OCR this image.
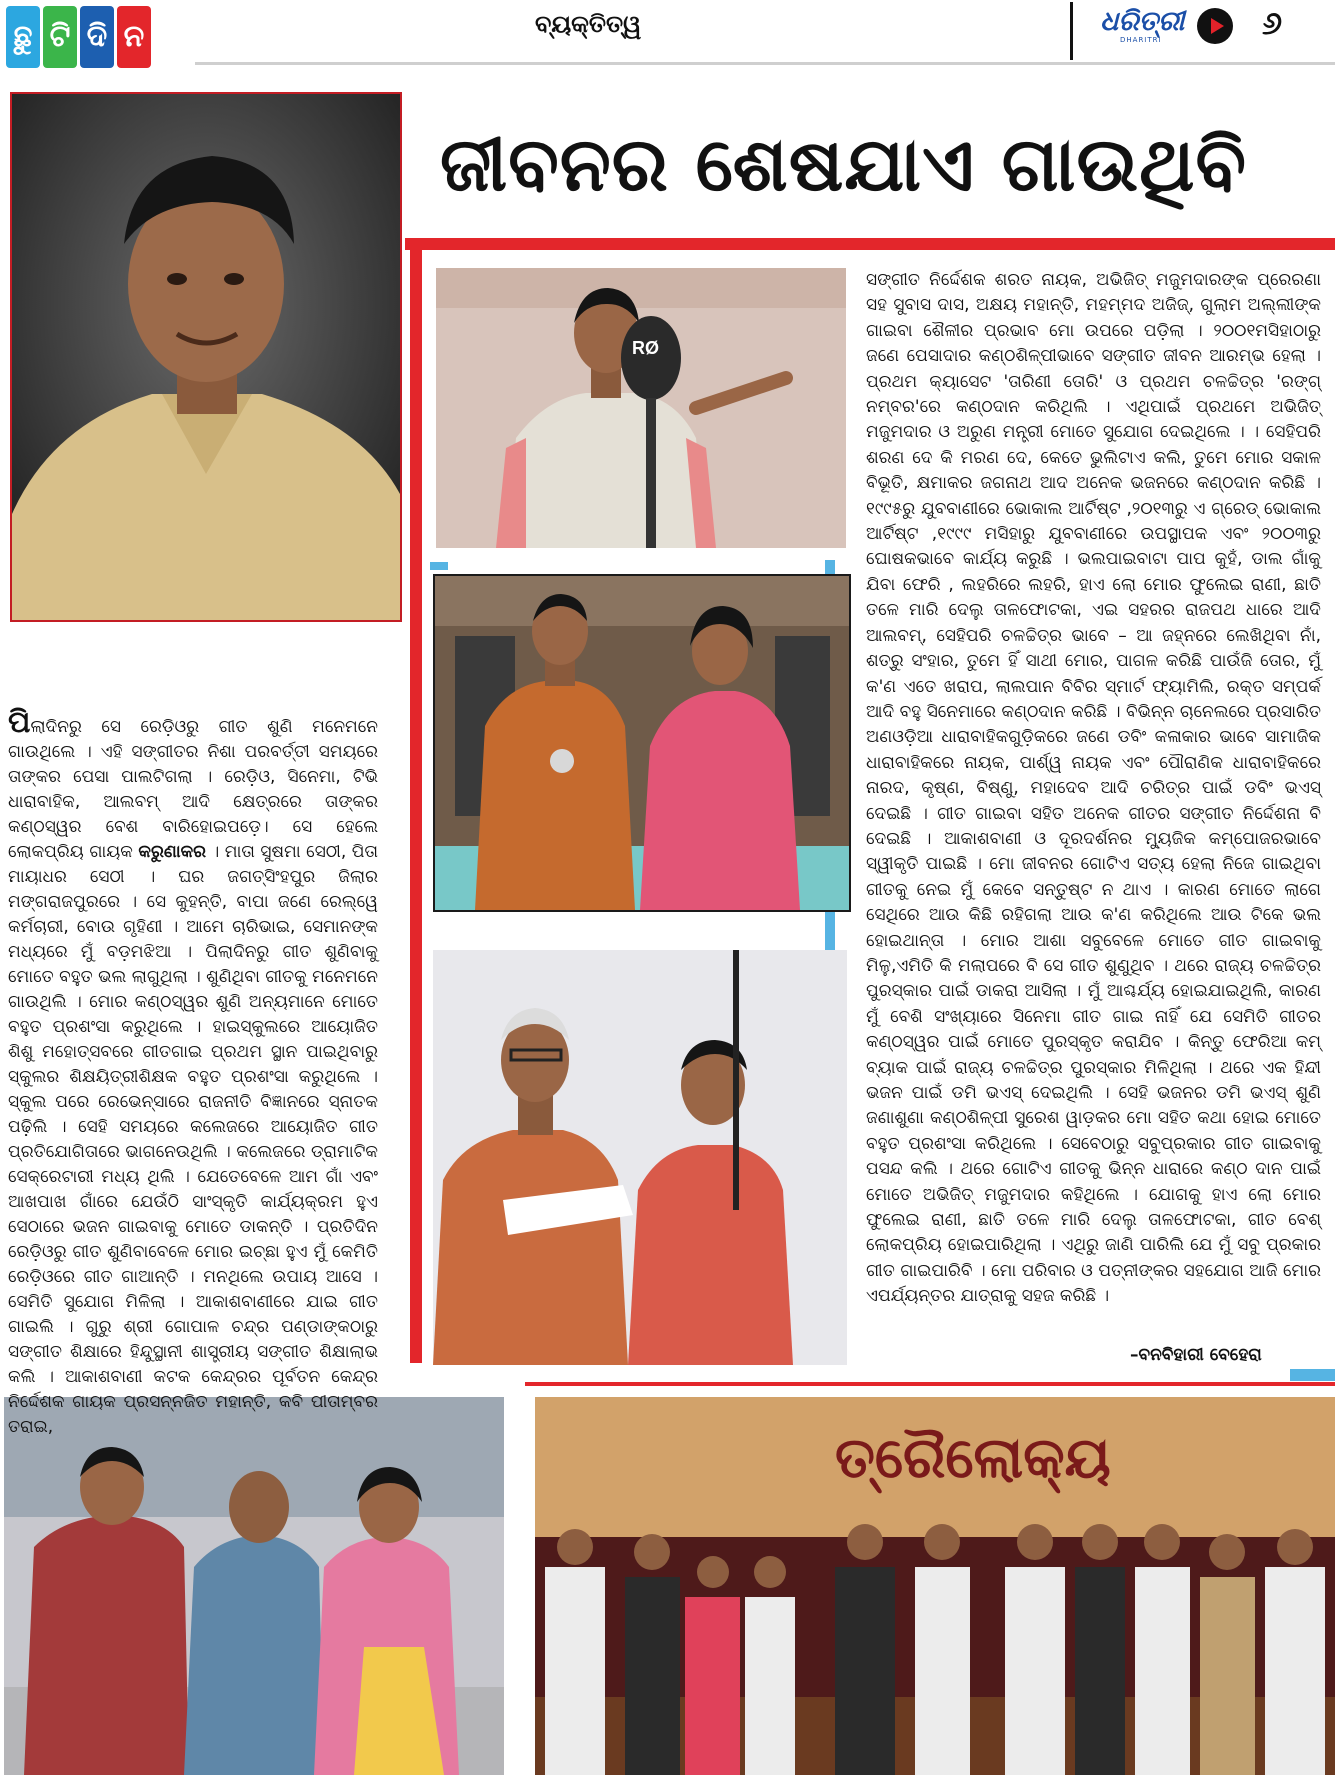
ଛୁ ଟି ଦି ନ	ବ୍ୟକ୍ତିତ୍ୱ	ଧରିତ୍ରୀ
DHARITRI	୬
ଜୀବନର ଶେଷଯାଏ ଗାଉଥିବି
RØ
ତ୍ରୈଲୋକ୍ୟ

ପିଲାଦିନରୁ ସେ ରେଡ଼ିଓରୁ ଗୀତ ଶୁଣି ମନେମନେ ଗାଉଥିଲେ । ଏହି ସଙ୍ଗୀତର ନିଶା ପରବର୍ତ୍ତୀ ସମୟରେ ତାଙ୍କର ପେସା ପାଲଟିଗଲା । ରେଡ଼ିଓ, ସିନେମା, ଟିଭି ଧାରାବାହିକ, ଆଲବମ୍ ଆଦି କ୍ଷେତ୍ରରେ ତାଙ୍କର କଣ୍ଠସ୍ୱର ବେଶ ବାରିହୋଇପଡ଼େ। ସେ ହେଲେ ଲୋକପ୍ରିୟ ଗାୟକ କରୁଣାକର । ମାତା ସୁଷମା ସେଠୀ, ପିତା ମାୟାଧର ସେଠୀ । ଘର ଜଗତ୍‌ସିଂହପୁର ଜିଲାର ମଙ୍ଗରାଜପୁରରେ । ସେ କୁହନ୍ତି, ବାପା ଜଣେ ରେଲ୍‌ୱେ କର୍ମଚାରୀ, ବୋଉ ଗୃହିଣୀ । ଆମେ ଚାରିଭାଇ, ସେମାନଙ୍କ ମଧ୍ୟରେ ମୁଁ ବଡ଼ମଝିଆ । ପିଲାଦିନରୁ ଗୀତ ଶୁଣିବାକୁ ମୋତେ ବହୁତ ଭଲ ଲାଗୁଥିଲା । ଶୁଣିଥିବା ଗୀତକୁ ମନେମନେ ଗାଉଥିଲି । ମୋର କଣ୍ଠସ୍ୱର ଶୁଣି ଅନ୍ୟମାନେ ମୋତେ ବହୁତ ପ୍ରଶଂସା କରୁଥିଲେ । ହାଇସ୍କୁଲରେ ଆୟୋଜିତ ଶିଶୁ ମହୋତ୍ସବରେ ଗୀତଗାଇ ପ୍ରଥମ ସ୍ଥାନ ପାଇଥିବାରୁ ସ୍କୁଲର ଶିକ୍ଷୟିତ୍ରୀଶିକ୍ଷକ ବହୁତ ପ୍ରଶଂସା କରୁଥିଲେ । ସ୍କୁଲ ପରେ ରେଭେନ୍ସାରେ ରାଜନୀତି ବିଜ୍ଞାନରେ ସ୍ନାତକ ପଢ଼ିଲି । ସେହି ସମୟରେ କଲେଜରେ ଆୟୋଜିତ ଗୀତ ପ୍ରତିଯୋଗିତାରେ ଭାଗନେଉଥିଲି । କଲେଜରେ ଡ୍ରାମାଟିକ ସେକ୍ରେଟାରୀ ମଧ୍ୟ ଥିଲି । ଯେତେବେଳେ ଆମ ଗାଁ ଏବଂ ଆଖପାଖ ଗାଁରେ ଯେଉଁଠି ସାଂସ୍କୃତି କାର୍ଯ୍ୟକ୍ରମ ହୁଏ ସେଠାରେ ଭଜନ ଗାଇବାକୁ ମୋତେ ଡାକନ୍ତି । ପ୍ରତିଦିନ ରେଡ଼ିଓରୁ ଗୀତ ଶୁଣିବାବେଳେ ମୋର ଇଚ୍ଛା ହୁଏ ମୁଁ କେମିତି ରେଡ଼ିଓରେ ଗୀତ ଗାଆନ୍ତି । ମନଥିଲେ ଉପାୟ ଆସେ । ସେମିତି ସୁଯୋଗ ମିଳିଲା । ଆକାଶବାଣୀରେ ଯାଇ ଗୀତ ଗାଇଲି । ଗୁରୁ ଶ୍ରୀ ଗୋପାଳ ଚନ୍ଦ୍ର ପଣ୍ଡାଙ୍କଠାରୁ ସଙ୍ଗୀତ ଶିକ୍ଷାରେ ହିନ୍ଦୁସ୍ଥାନୀ ଶାସ୍ତ୍ରୀୟ ସଙ୍ଗୀତ ଶିକ୍ଷାଲାଭ କଲି । ଆକାଶବାଣୀ କଟକ କେନ୍ଦ୍ରର ପୂର୍ବତନ କେନ୍ଦ୍ର ନିର୍ଦ୍ଦେଶକ ଗାୟକ ପ୍ରସନ୍ନଜିତ ମହାନ୍ତି, କବି ପୀତାମ୍ବର ତରାଇ,

ସଙ୍ଗୀତ ନିର୍ଦ୍ଦେଶକ ଶରତ ନାୟକ, ଅଭିଜିତ୍ ମଜୁମଦାରଙ୍କ ପ୍ରେରଣା ସହ ସୁବାସ ଦାସ, ଅକ୍ଷୟ ମହାନ୍ତି, ମହମ୍ମଦ ଅଜିଜ୍, ଗୁଲାମ ଅଲ୍ଲୀଙ୍କ ଗାଇବା ଶୈଳୀର ପ୍ରଭାବ ମୋ ଉପରେ ପଡ଼ିଲା । ୨୦୦୧ମସିହାଠାରୁ ଜଣେ ପେସାଦାର କଣ୍ଠଶିଳ୍ପୀଭାବେ ସଙ୍ଗୀତ ଜୀବନ ଆରମ୍ଭ ହେଲା । ପ୍ରଥମ କ୍ୟାସେଟ 'ତାରିଣୀ ତୋରି' ଓ ପ୍ରଥମ ଚଳଚ୍ଚିତ୍ର 'ରଙ୍ଗ୍ ନମ୍ବର'ରେ କଣ୍ଠଦାନ କରିଥିଲି । ଏଥିପାଇଁ ପ୍ରଥମେ ଅଭିଜିତ୍ ମଜୁମଦାର ଓ ଅରୁଣ ମନ୍ତ୍ରୀ ମୋତେ ସୁଯୋଗ ଦେଇଥିଲେ । । ସେହିପରି ଶରଣ ଦେ କି ମରଣ ଦେ, କେତେ ଭୁଲିଟାଏ କଲି, ତୁମେ ମୋର ସକାଳ ବିଭୂତି, କ୍ଷମାକର ଜଗନାଥ ଆଦ ଅନେକ ଭଜନରେ କଣ୍ଠଦାନ କରିଛି । ୧୯୯୫ରୁ ଯୁବବାଣୀରେ ଭୋକାଲ ଆର୍ଟିଷ୍ଟ ,୨୦୧୩ରୁ ଏ ଗ୍ରେଡ୍ ଭୋକାଲ ଆର୍ଟିଷ୍ଟ ,୧୯୯୯ ମସିହାରୁ ଯୁବବାଣୀରେ ଉପସ୍ଥାପକ ଏବଂ ୨୦୦୩ରୁ ଘୋଷକଭାବେ କାର୍ଯ୍ୟ କରୁଛି । ଭଲପାଇବାଟା ପାପ କୁହଁ, ଡାଲ ଗାଁକୁ ଯିବା ଫେରି , ଲହରିରେ ଲହରି, ହାଏ ଲୋ ମୋର ଫୁଲେଇ ରାଣୀ, ଛାତି ତଳେ ମାରି ଦେଲୁ ତାଳଫୋଟକା, ଏଇ ସହରର ରାଜପଥ ଧାରେ ଆଦି ଆଲବମ୍, ସେହିପରି ଚଳଚ୍ଚିତ୍ର ଭାବେ – ଆ ଜହ୍ନରେ ଲେଖିଥିବା ନାଁ, ଶତ୍ରୁ ସଂହାର, ତୁମେ ହିଁ ସାଥୀ ମୋର, ପାଗଳ କରିଛି ପାଉଁଜି ତୋର, ମୁଁ କ'ଣ ଏତେ ଖରାପ, ଲାଲପାନ ବିବିର ସ୍ମାର୍ଟ ଫ୍ୟାମିଲି, ରକ୍ତ ସମ୍ପର୍କ ଆଦି ବହୁ ସିନେମାରେ କଣ୍ଠଦାନ କରିଛି । ବିଭିନ୍ନ ଚାନେଲରେ ପ୍ରସାରିତ ଅଣଓଡ଼ିଆ ଧାରାବାହିକଗୁଡ଼ିକରେ ଜଣେ ଡବିଂ କଳାକାର ଭାବେ ସାମାଜିକ ଧାରାବାହିକରେ ନାୟକ, ପାର୍ଶ୍ୱ ନାୟକ ଏବଂ ପୌରାଣିକ ଧାରାବାହିକରେ ନାରଦ, କୃଷ୍ଣ, ବିଷ୍ଣୁ, ମହାଦେବ ଆଦି ଚରିତ୍ର ପାଇଁ ଡବିଂ ଭଏସ୍ ଦେଇଛି । ଗୀତ ଗାଇବା ସହିତ ଅନେକ ଗୀତର ସଙ୍ଗୀତ ନିର୍ଦ୍ଦେଶନା ବି ଦେଇଛି । ଆକାଶବାଣୀ ଓ ଦୂରଦର୍ଶନର ମ୍ୟୁଜିକ କମ୍ପୋଜରଭାବେ ସ୍ୱୀକୃତି ପାଇଛି । ମୋ ଜୀବନର ଗୋଟିଏ ସତ୍ୟ ହେଲା ନିଜେ ଗାଇଥିବା ଗୀତକୁ ନେଇ ମୁଁ କେବେ ସନ୍ତୁଷ୍ଟ ନ ଥାଏ । କାରଣ ମୋତେ ଲାଗେ ସେଥିରେ ଆଉ କିଛି ରହିଗଲା ଆଉ କ'ଣ କରିଥିଲେ ଆଉ ଟିକେ ଭଲ ହୋଇଥାନ୍ତା । ମୋର ଆଶା ସବୁବେଳେ ମୋତେ ଗୀତ ଗାଇବାକୁ ମିଳୁ,ଏମିତି କି ମଲାପରେ ବି ସେ ଗୀତ ଶୁଣୁଥିବ । ଥରେ ରାଜ୍ୟ ଚଳଚ୍ଚିତ୍ର ପୁରସ୍କାର ପାଇଁ ଡାକରା ଆସିଲା । ମୁଁ ଆଶ୍ଚର୍ଯ୍ୟ ହୋଇଯାଇଥିଲି, କାରଣ ମୁଁ ବେଶି ସଂଖ୍ୟାରେ ସିନେମା ଗୀତ ଗାଇ ନାହିଁ ଯେ ସେମିତି ଗୀତର କଣ୍ଠସ୍ୱର ପାଇଁ ମୋତେ ପୁରସ୍କୃତ କରାଯିବ । କିନ୍ତୁ ଫେରିଆ କମ୍ ବ୍ୟାକ ପାଇଁ ରାଜ୍ୟ ଚଳଚ୍ଚିତ୍ର ପୁରସ୍କାର ମିଳିଥିଲା । ଥରେ ଏକ ହିନ୍ଦୀ ଭଜନ ପାଇଁ ଡମି ଭଏସ୍ ଦେଇଥିଲି । ସେହି ଭଜନର ଡମି ଭଏସ୍ ଶୁଣି ଜଣାଶୁଣା କଣ୍ଠଶିଳ୍ପୀ ସୁରେଶ ୱାଡ଼କର ମୋ ସହିତ କଥା ହୋଇ ମୋତେ ବହୁତ ପ୍ରଶଂସା କରିଥିଲେ । ସେବେଠାରୁ ସବୁପ୍ରକାର ଗୀତ ଗାଇବାକୁ ପସନ୍ଦ କଲି । ଥରେ ଗୋଟିଏ ଗୀତକୁ ଭିନ୍ନ ଧାରାରେ କଣ୍ଠ ଦାନ ପାଇଁ ମୋତେ ଅଭିଜିତ୍ ମଜୁମଦାର କହିଥିଲେ । ଯୋଗକୁ ହାଏ ଲୋ ମୋର ଫୁଲେଇ ରାଣୀ, ଛାତି ତଳେ ମାରି ଦେଲୁ ତାଳଫୋଟକା, ଗୀତ ବେଶ୍ ଲୋକପ୍ରିୟ ହୋଇପାରିଥିଲା । ଏଥିରୁ ଜାଣି ପାରିଲି ଯେ ମୁଁ ସବୁ ପ୍ରକାର ଗୀତ ଗାଇପାରିବି । ମୋ ପରିବାର ଓ ପତ୍ନୀଙ୍କର ସହଯୋଗ ଆଜି ମୋର ଏପର୍ଯ୍ୟନ୍ତର ଯାତ୍ରାକୁ ସହଜ କରିଛି ।

–ବନବିହାରୀ ବେହେରା
